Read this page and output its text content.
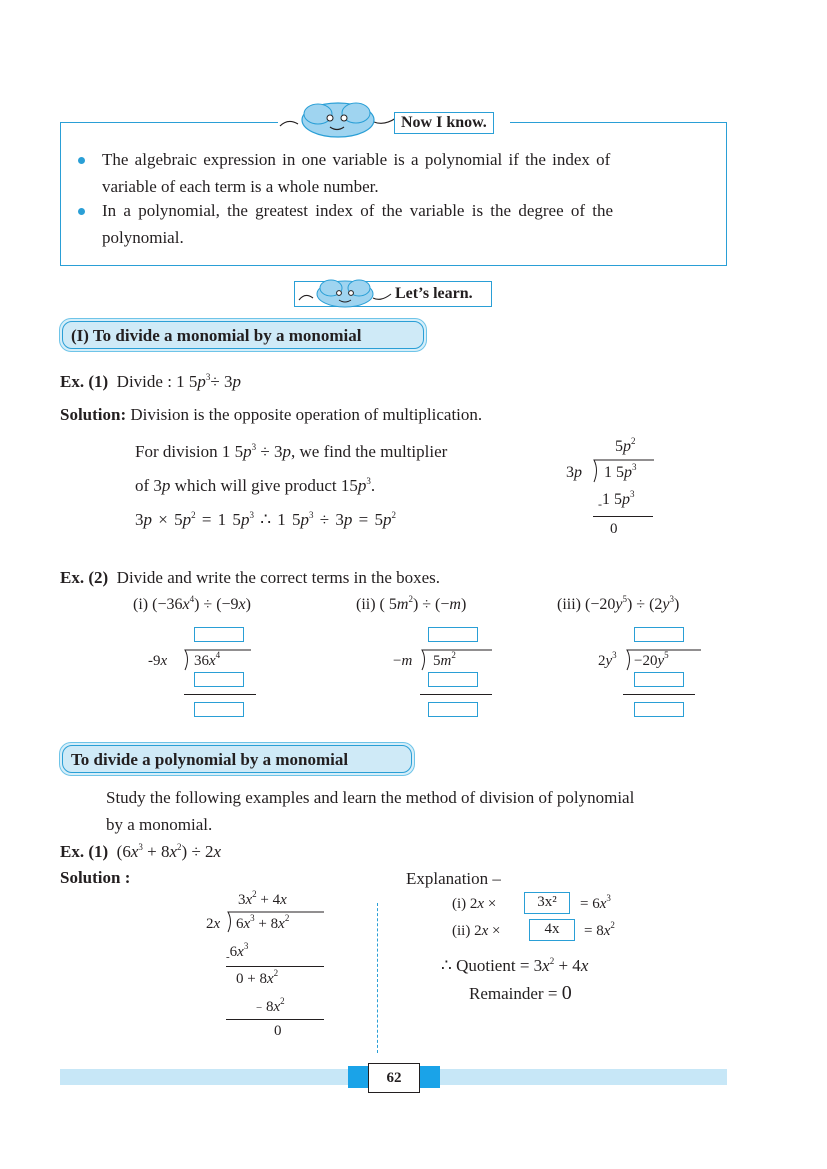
Now I know.
The algebraic expression in one variable is a polynomial if the index of
variable of each term is a whole number.
In a polynomial, the greatest index of the variable is the degree of the
polynomial.
Let’s learn.
(I) To divide a monomial by a monomial
Ex. (1) Divide : 1 $5p^3\div 3p$
Solution: Division is the opposite operation of multiplication.
For division 1 $5p^3 \div 3p$, we find the multiplier
of 3p which will give product $15p^3$.
$3p \times 5p^2 = 1$ $5p^3$ ∴ 1 $5p^3 \div 3p = 5p^2$
$5p^2$
3p 1 $5p^3$
$_-$1 $5p^3$
0
Ex. (2) Divide and write the correct terms in the boxes.
(i) $(-36x^4) \div (-9x)$	(ii) ( $5m^2) \div (-m)$	(iii) $(-20y^5) \div (2y^3)$
-9x $36x^4$	−m $5m^2$	$2y^3 -20y^5$
To divide a polynomial by a monomial
Study the following examples and learn the method of division of polynomial
by a monomial.
Ex. (1)  $(6x^3 + 8x^2) \div 2x$
Solution :
$3x^2 + 4x$
2x $6x^3 + 8x^2$
$_-6x^3$
$0 + 8x^2$
− $8x^2$
0
Explanation –
(i) 2x ×	3x²	= $6x^3$
(ii) 2x ×	4x	= $8x^2$
∴ Quotient = $3x^2 + 4x$
Remainder = 0
62
